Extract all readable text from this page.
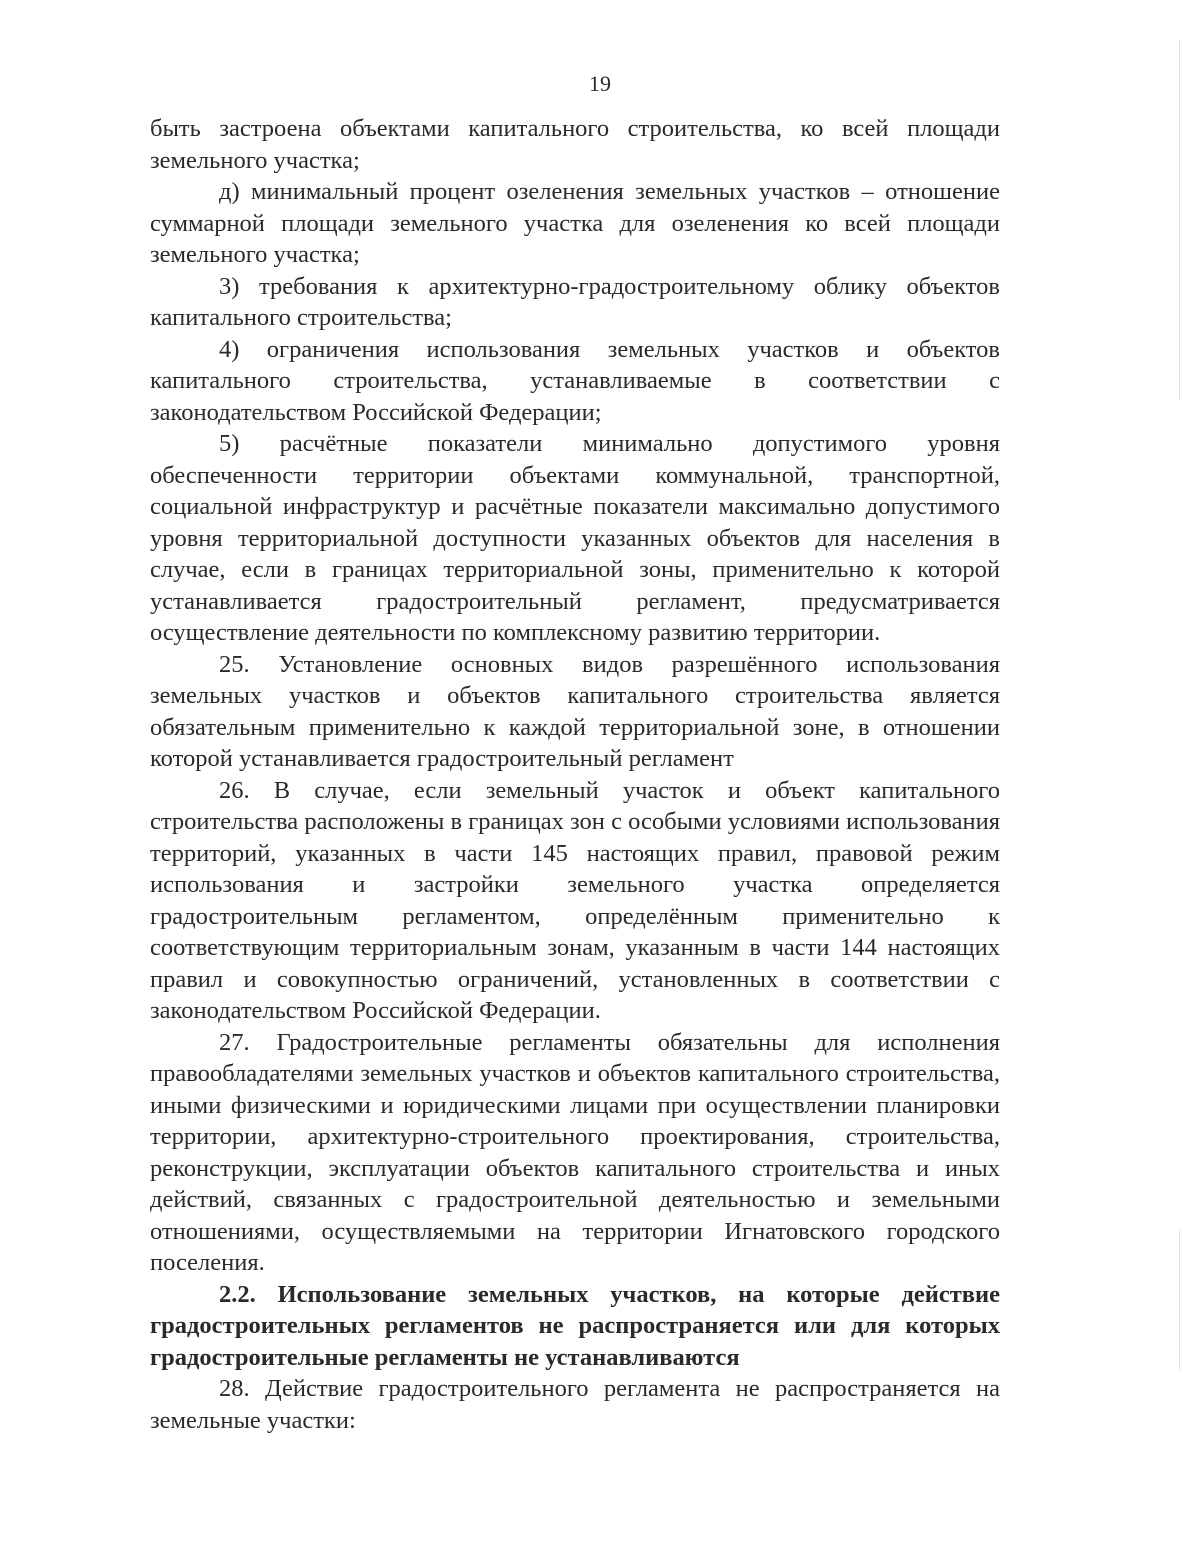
19

быть застроена объектами капитального строительства, ко всей площади земельного участка;

д) минимальный процент озеленения земельных участков – отношение суммарной площади земельного участка для озеленения ко всей площади земельного участка;

3) требования к архитектурно-градостроительному облику объектов капитального строительства;

4) ограничения использования земельных участков и объектов капитального строительства, устанавливаемые в соответствии с законодательством Российской Федерации;

5) расчётные показатели минимально допустимого уровня обеспеченности территории объектами коммунальной, транспортной, социальной инфраструктур и расчётные показатели максимально допустимого уровня территориальной доступности указанных объектов для населения в случае, если в границах территориальной зоны, применительно к которой устанавливается градостроительный регламент, предусматривается осуществление деятельности по комплексному развитию территории.

25. Установление основных видов разрешённого использования земельных участков и объектов капитального строительства является обязательным применительно к каждой территориальной зоне, в отношении которой устанавливается градостроительный регламент

26. В случае, если земельный участок и объект капитального строительства расположены в границах зон с особыми условиями использования территорий, указанных в части 145 настоящих правил, правовой режим использования и застройки земельного участка определяется градостроительным регламентом, определённым применительно к соответствующим территориальным зонам, указанным в части 144 настоящих правил и совокупностью ограничений, установленных в соответствии с законодательством Российской Федерации.

27. Градостроительные регламенты обязательны для исполнения правообладателями земельных участков и объектов капитального строительства, иными физическими и юридическими лицами при осуществлении планировки территории, архитектурно-строительного проектирования, строительства, реконструкции, эксплуатации объектов капитального строительства и иных действий, связанных с градостроительной деятельностью и земельными отношениями, осуществляемыми на территории Игнатовского городского поселения.

2.2. Использование земельных участков, на которые действие градостроительных регламентов не распространяется или для которых градостроительные регламенты не устанавливаются

28. Действие градостроительного регламента не распространяется на земельные участки:
